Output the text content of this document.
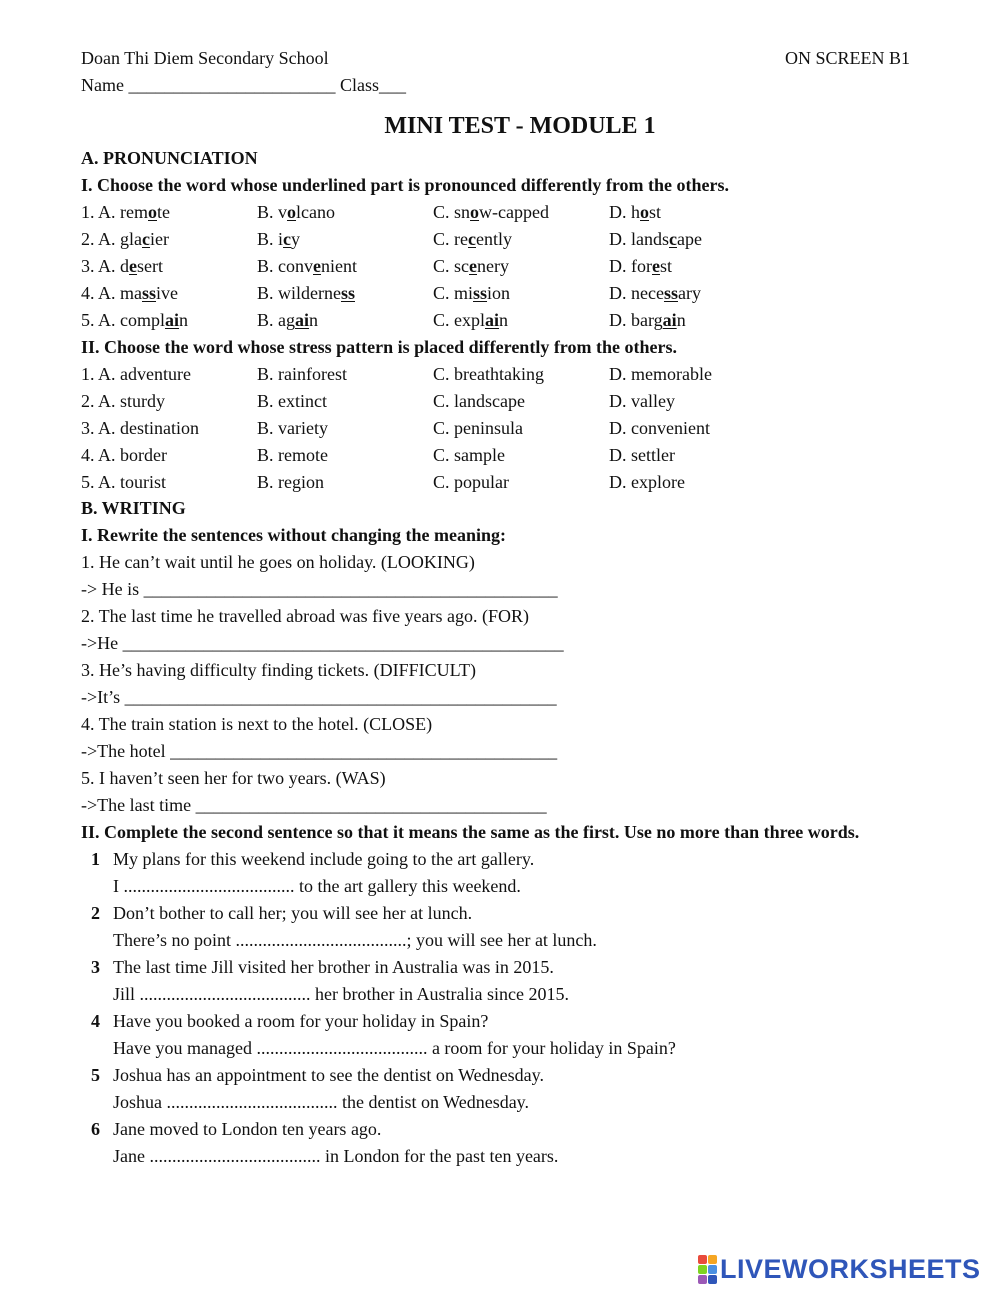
Doan Thi Diem Secondary School	ON SCREEN B1
Name _______________________ Class___
MINI TEST - MODULE 1
A. PRONUNCIATION
I. Choose the word whose underlined part is pronounced differently from the others.
1. A. remote	B. volcano	C. snow-capped	D. host
2. A. glacier	B. icy	C. recently	D. landscape
3. A. desert	B. convenient	C. scenery	D. forest
4. A. massive	B. wilderness	C. mission	D. necessary
5. A. complain	B. again	C. explain	D. bargain
II. Choose the word whose stress pattern is placed differently from the others.
1. A. adventure	B. rainforest	C. breathtaking	D. memorable
2. A. sturdy	B. extinct	C. landscape	D. valley
3. A. destination	B. variety	C. peninsula	D. convenient
4. A. border	B. remote	C. sample	D. settler
5. A. tourist	B. region	C. popular	D. explore
B. WRITING
I. Rewrite the sentences without changing the meaning:
1. He can’t wait until he goes on holiday. (LOOKING)
-> He is ______________________________________________
2. The last time he travelled abroad was five years ago. (FOR)
->He _________________________________________________
3. He’s having difficulty finding tickets. (DIFFICULT)
->It’s ________________________________________________
4. The train station is next to the hotel. (CLOSE)
->The hotel ___________________________________________
5. I haven’t seen her for two years. (WAS)
->The last time _______________________________________
II. Complete the second sentence so that it means the same as the first. Use no more than three words.
1 My plans for this weekend include going to the art gallery.
I ...................................... to the art gallery this weekend.
2 Don’t bother to call her; you will see her at lunch.
There’s no point ......................................; you will see her at lunch.
3 The last time Jill visited her brother in Australia was in 2015.
Jill ...................................... her brother in Australia since 2015.
4 Have you booked a room for your holiday in Spain?
Have you managed ...................................... a room for your holiday in Spain?
5 Joshua has an appointment to see the dentist on Wednesday.
Joshua ...................................... the dentist on Wednesday.
6 Jane moved to London ten years ago.
Jane ...................................... in London for the past ten years.
LIVEWORKSHEETS
